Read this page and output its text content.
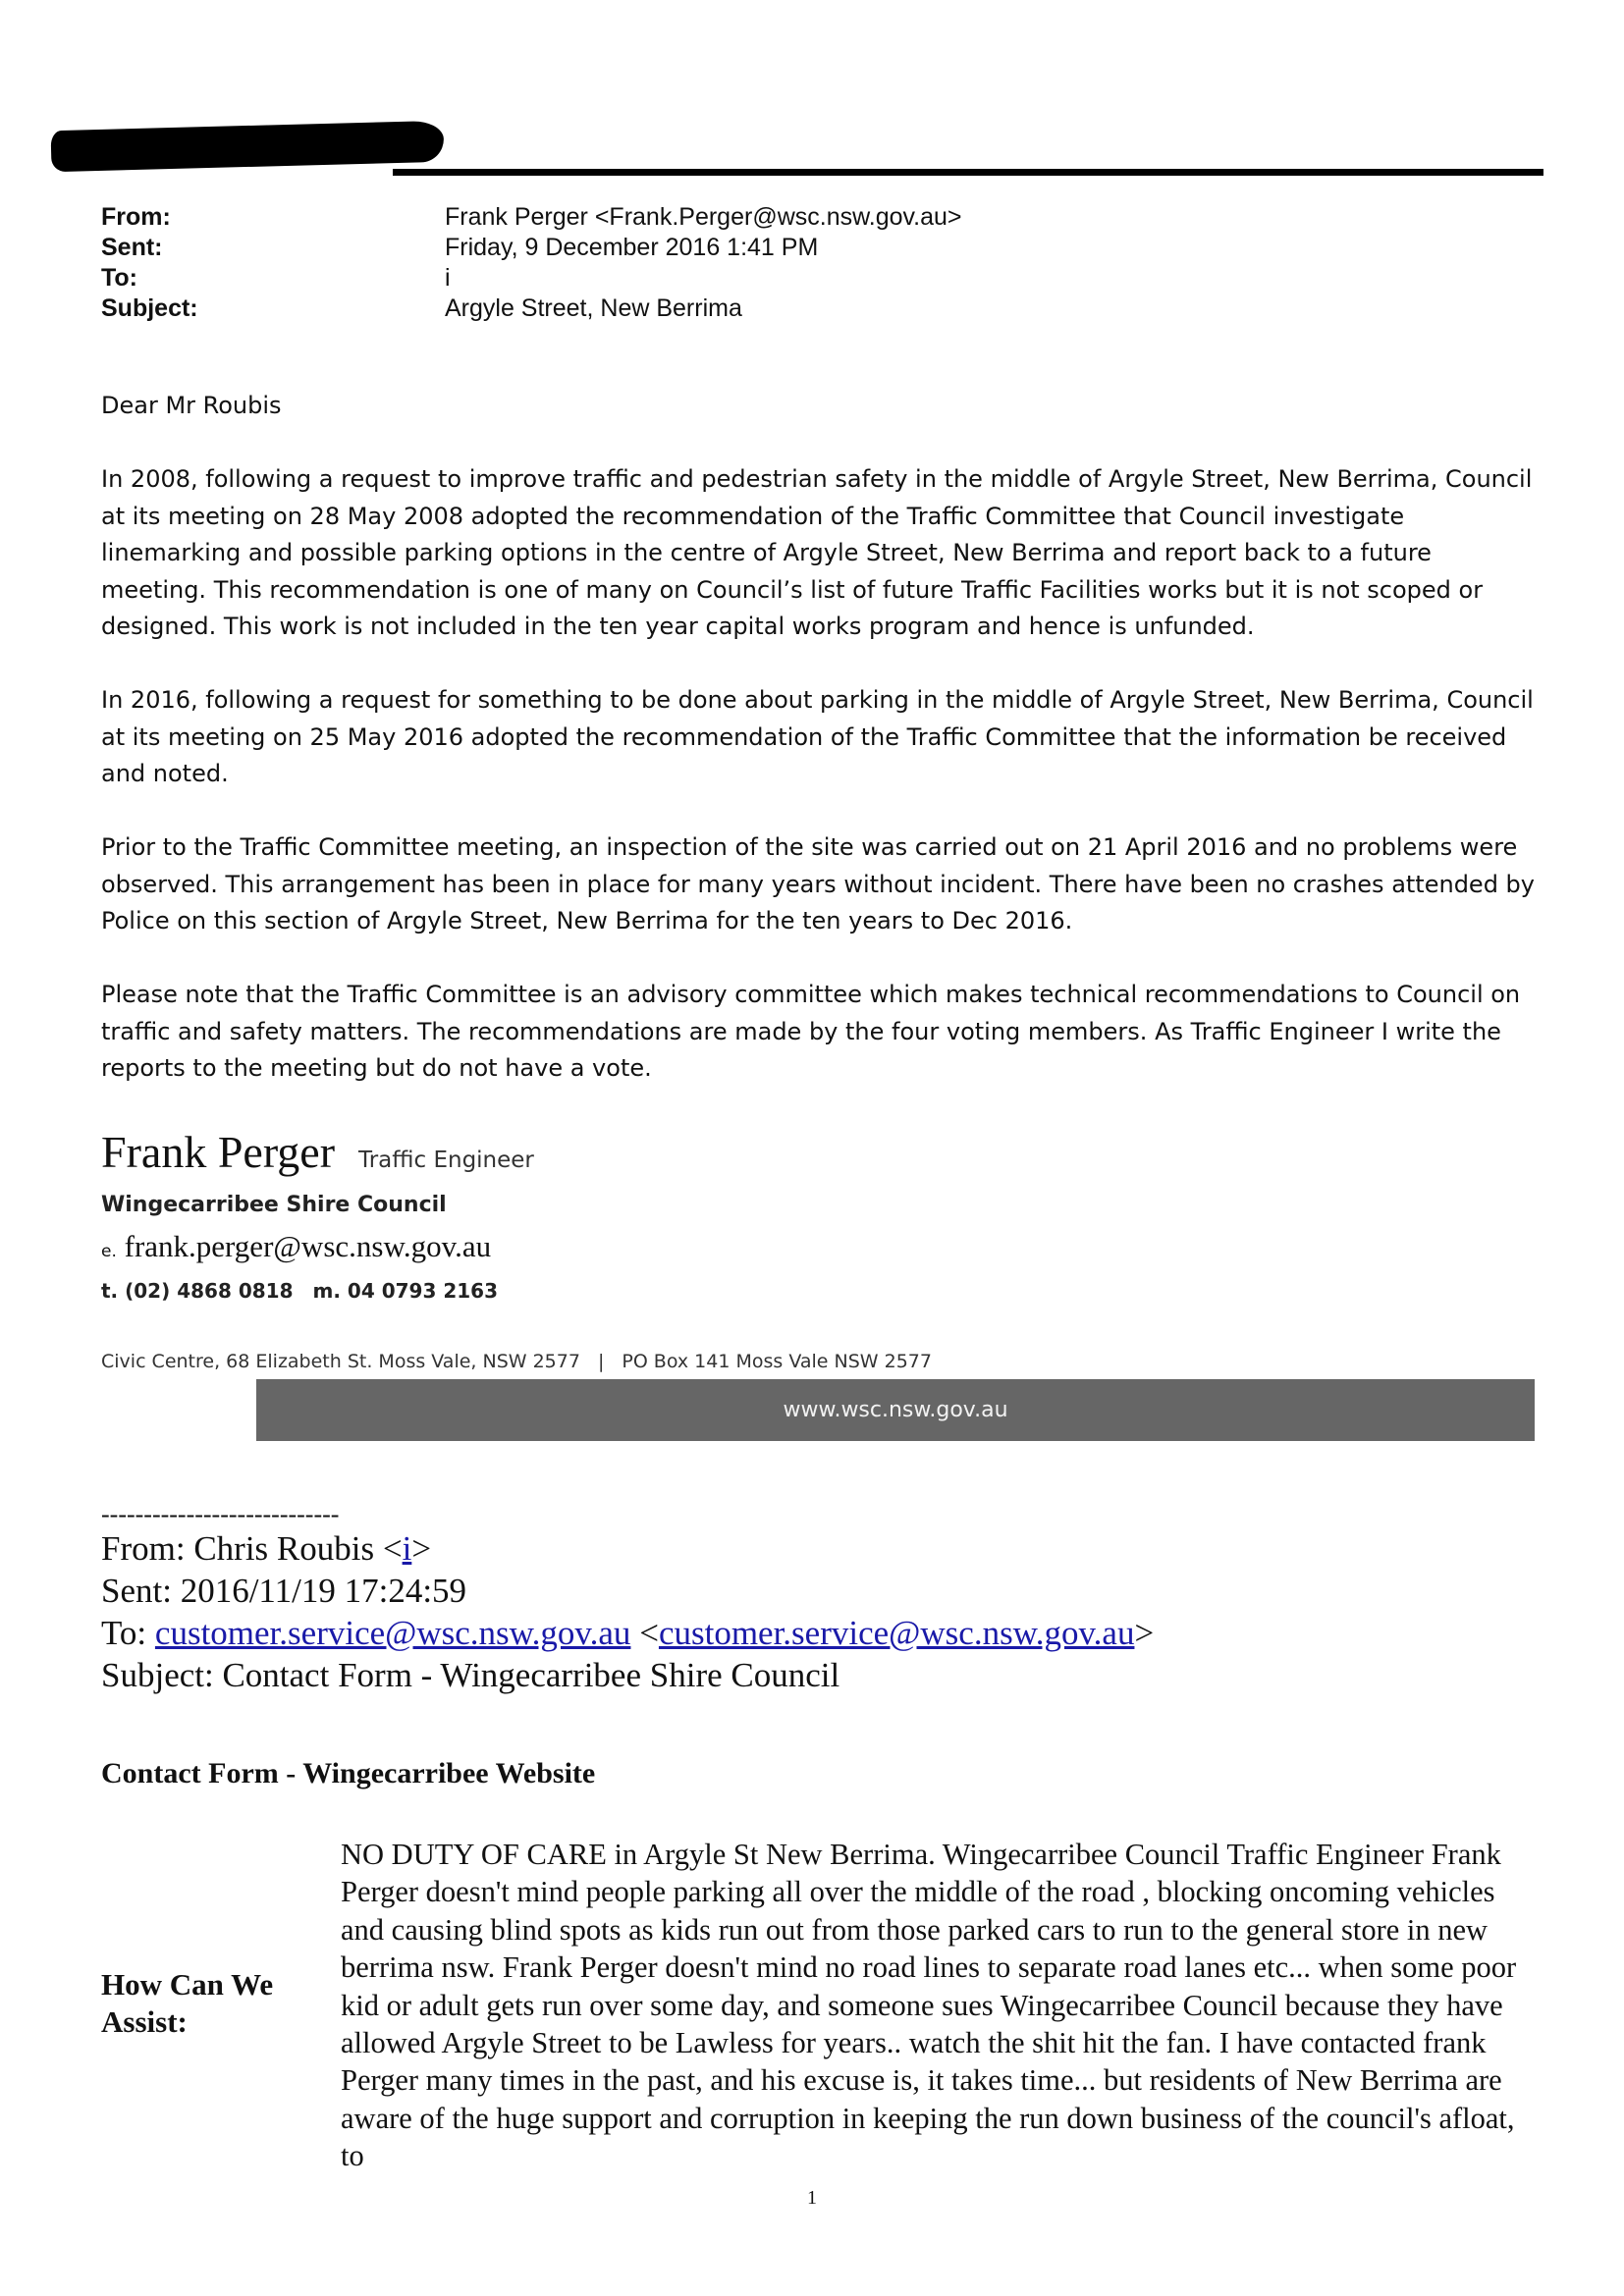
From:	Frank Perger <Frank.Perger@wsc.nsw.gov.au>
Sent:	Friday, 9 December 2016 1:41 PM
To:	i
Subject:	Argyle Street, New Berrima

Dear Mr Roubis

In 2008, following a request to improve traffic and pedestrian safety in the middle of Argyle Street, New Berrima, Council at its meeting on 28 May 2008 adopted the recommendation of the Traffic Committee that Council investigate linemarking and possible parking options in the centre of Argyle Street, New Berrima and report back to a future meeting. This recommendation is one of many on Council’s list of future Traffic Facilities works but it is not scoped or designed. This work is not included in the ten year capital works program and hence is unfunded.

In 2016, following a request for something to be done about parking in the middle of Argyle Street, New Berrima, Council at its meeting on 25 May 2016 adopted the recommendation of the Traffic Committee that the information be received and noted.

Prior to the Traffic Committee meeting, an inspection of the site was carried out on 21 April 2016 and no problems were observed. This arrangement has been in place for many years without incident. There have been no crashes attended by Police on this section of Argyle Street, New Berrima for the ten years to Dec 2016.

Please note that the Traffic Committee is an advisory committee which makes technical recommendations to Council on traffic and safety matters. The recommendations are made by the four voting members. As Traffic Engineer I write the reports to the meeting but do not have a vote.

Frank Perger Traffic Engineer
Wingecarribee Shire Council
e. frank.perger@wsc.nsw.gov.au
t. (02) 4868 0818 m. 04 0793 2163
Civic Centre, 68 Elizabeth St. Moss Vale, NSW 2577 | PO Box 141 Moss Vale NSW 2577
www.wsc.nsw.gov.au
----------------------------
From: Chris Roubis <i>
Sent: 2016/11/19 17:24:59
To: customer.service@wsc.nsw.gov.au <customer.service@wsc.nsw.gov.au>
Subject: Contact Form - Wingecarribee Shire Council
Contact Form - Wingecarribee Website
How Can We Assist:
NO DUTY OF CARE in Argyle St New Berrima. Wingecarribee Council Traffic Engineer Frank Perger doesn't mind people parking all over the middle of the road , blocking oncoming vehicles and causing blind spots as kids run out from those parked cars to run to the general store in new berrima nsw. Frank Perger doesn't mind no road lines to separate road lanes etc... when some poor kid or adult gets run over some day, and someone sues Wingecarribee Council because they have allowed Argyle Street to be Lawless for years.. watch the shit hit the fan. I have contacted frank Perger many times in the past, and his excuse is, it takes time... but residents of New Berrima are aware of the huge support and corruption in keeping the run down business of the council's afloat, to
1
